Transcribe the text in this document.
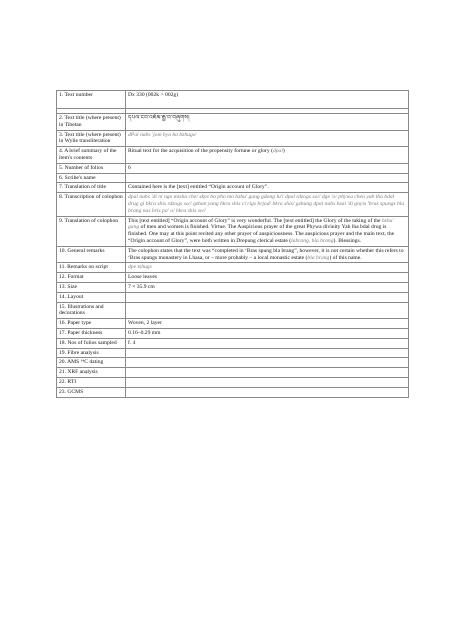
1. Text number	Dx 330 (002k > 002g)

2. Text title (where present) in Tibetan	དཔལ་ངབ་འཇོམ་རྒྱ་བ་བཞུགས།
3. Text title (where present) in Wylie transliteration	dPal nabs 'jom bya ba bzhugs/
4. A brief summary of the item's contents	Ritual text for the acquisition of the propensity fortune or glory (dpal)
5. Number of folios	6
6. Scribe's name	
7. Translation of title	Contained here is the [text] entitled “Origin account of Glory”.
8. Transcription of colophon	dpal nabs 'di ni ngo mtsha che/ skye bo pho mo bzhu' gang gdong lu'i dpal rdzogs so// dge 'o/ phywa chen yab lha bdal drug gi bkra shis rdzogs so// gzhan yang bkra shis ci rigs brjod/ bkra shis/ gzhung dpal nabs bzai 'di gnyis 'bras spungs bla brang nas bris pa' o/ bkra shis so//
9. Translation of colophon	This [text entitled] “Origin account of Glory” is very wonderful. The [text entitled] the Glory of the taking of the bzhu' gang of men and women is finished. Virtue. The Auspicious prayer of the great Phywa divinity Yab lha bdal drug is finished. One may at this point recited any other prayer of auspiciousness. The auspicious prayer and the main text, the “Origin account of Glory”, were both written in Drepung clerical estate (labrang, bla brang). Blessings.
10. General remarks	The colophon states that the text was “completed in ‘Bras spung bla brang”, however, it is not certain whether this refers to ‘Bras spungs monastery in Lhasa, or – more probably – a local monastic estate (bla brang) of this name.
11. Remarks on script	dpe tshugs
12. Format	Loose leaves
13. Size	7 × 35.9 cm
14. Layout	
15. Illustrations and decorations	
16. Paper type	Woven, 2 layer
17. Paper thickness	0.16–0.29 mm
18. Nos of folios sampled	f. 4
19. Fibre analysis	
20. AMS ¹⁴C dating	
21. XRF analysis	
22. RTI	
23. GCMS	
